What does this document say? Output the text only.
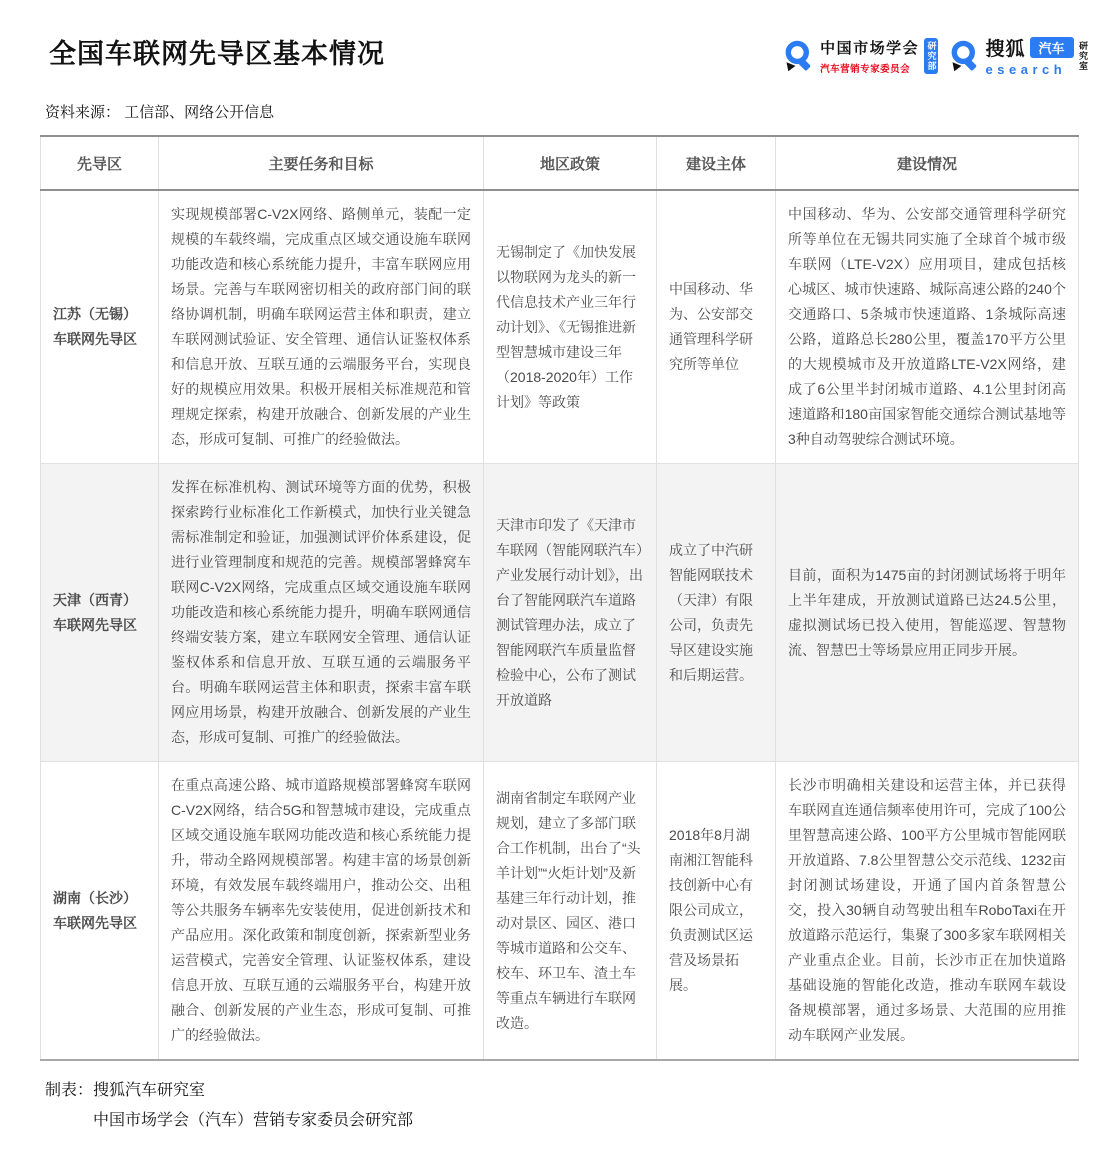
全国车联网先导区基本情况	中国市场学会
汽车营销专家委员会	研究部	搜狐	汽车
esearch	研究室
资料来源： 工信部、网络公开信息
先导区	主要任务和目标	地区政策	建设主体	建设情况
江苏（无锡）车联网先导区	实现规模部署C-V2X网络、路侧单元，装配一定规模的车载终端，完成重点区域交通设施车联网功能改造和核心系统能力提升，丰富车联网应用场景。完善与车联网密切相关的政府部门间的联络协调机制，明确车联网运营主体和职责，建立车联网测试验证、安全管理、通信认证鉴权体系和信息开放、互联互通的云端服务平台，实现良好的规模应用效果。积极开展相关标准规范和管理规定探索，构建开放融合、创新发展的产业生态，形成可复制、可推广的经验做法。	无锡制定了《加快发展以物联网为龙头的新一代信息技术产业三年行动计划》、《无锡推进新型智慧城市建设三年（2018-2020年）工作计划》等政策	中国移动、华为、公安部交通管理科学研究所等单位	中国移动、华为、公安部交通管理科学研究所等单位在无锡共同实施了全球首个城市级车联网（LTE-V2X）应用项目，建成包括核心城区、城市快速路、城际高速公路的240个交通路口、5条城市快速道路、1条城际高速公路，道路总长280公里，覆盖170平方公里的大规模城市及开放道路LTE-V2X网络，建成了6公里半封闭城市道路、4.1公里封闭高速道路和180亩国家智能交通综合测试基地等3种自动驾驶综合测试环境。
天津（西青）车联网先导区	发挥在标准机构、测试环境等方面的优势，积极探索跨行业标准化工作新模式，加快行业关键急需标准制定和验证，加强测试评价体系建设，促进行业管理制度和规范的完善。规模部署蜂窝车联网C-V2X网络，完成重点区域交通设施车联网功能改造和核心系统能力提升，明确车联网通信终端安装方案，建立车联网安全管理、通信认证鉴权体系和信息开放、互联互通的云端服务平台。明确车联网运营主体和职责，探索丰富车联网应用场景，构建开放融合、创新发展的产业生态，形成可复制、可推广的经验做法。	天津市印发了《天津市车联网（智能网联汽车）产业发展行动计划》，出台了智能网联汽车道路测试管理办法，成立了智能网联汽车质量监督检验中心，公布了测试开放道路	成立了中汽研智能网联技术（天津）有限公司，负责先导区建设实施和后期运营。	目前，面积为1475亩的封闭测试场将于明年上半年建成，开放测试道路已达24.5公里，虚拟测试场已投入使用，智能巡逻、智慧物流、智慧巴士等场景应用正同步开展。
湖南（长沙）车联网先导区	在重点高速公路、城市道路规模部署蜂窝车联网C-V2X网络，结合5G和智慧城市建设，完成重点区域交通设施车联网功能改造和核心系统能力提升，带动全路网规模部署。构建丰富的场景创新环境，有效发展车载终端用户，推动公交、出租等公共服务车辆率先安装使用，促进创新技术和产品应用。深化政策和制度创新，探索新型业务运营模式，完善安全管理、认证鉴权体系，建设信息开放、互联互通的云端服务平台，构建开放融合、创新发展的产业生态，形成可复制、可推广的经验做法。	湖南省制定车联网产业规划，建立了多部门联合工作机制，出台了“头羊计划”“火炬计划”及新基建三年行动计划，推动对景区、园区、港口等城市道路和公交车、校车、环卫车、渣土车等重点车辆进行车联网改造。	2018年8月湖南湘江智能科技创新中心有限公司成立，负责测试区运营及场景拓展。	长沙市明确相关建设和运营主体，并已获得车联网直连通信频率使用许可，完成了100公里智慧高速公路、100平方公里城市智能网联开放道路、7.8公里智慧公交示范线、1232亩封闭测试场建设，开通了国内首条智慧公交，投入30辆自动驾驶出租车RoboTaxi在开放道路示范运行，集聚了300多家车联网相关产业重点企业。目前，长沙市正在加快道路基础设施的智能化改造，推动车联网车载设备规模部署，通过多场景、大范围的应用推动车联网产业发展。
制表： 搜狐汽车研究室
中国市场学会（汽车）营销专家委员会研究部
